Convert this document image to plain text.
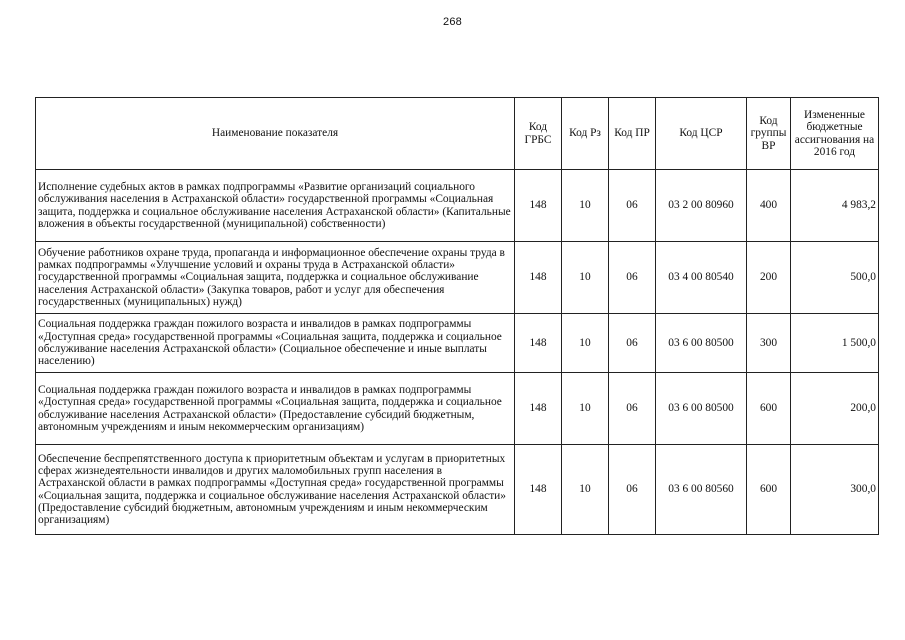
268
Наименование показателя	Код ГРБС	Код Рз	Код ПР	Код ЦСР	Код группы ВР	Измененные бюджетные ассигнования на 2016 год
Исполнение судебных актов в рамках подпрограммы «Развитие организаций социального обслуживания населения в Астраханской области» государственной программы «Социальная защита, поддержка и социальное обслуживание населения Астраханской области» (Капитальные вложения в объекты государственной (муниципальной) собственности)	148	10	06	03 2 00 80960	400	4 983,2
Обучение работников охране труда, пропаганда и информационное обеспечение охраны труда в рамках подпрограммы «Улучшение условий и охраны труда в Астраханской области» государственной программы «Социальная защита, поддержка и социальное обслуживание населения Астраханской области» (Закупка товаров, работ и услуг для обеспечения государственных (муниципальных) нужд)	148	10	06	03 4 00 80540	200	500,0
Социальная поддержка граждан пожилого возраста и инвалидов в рамках подпрограммы «Доступная среда» государственной программы «Социальная защита, поддержка и социальное обслуживание населения Астраханской области» (Социальное обеспечение и иные выплаты населению)	148	10	06	03 6 00 80500	300	1 500,0
Социальная поддержка граждан пожилого возраста и инвалидов в рамках подпрограммы «Доступная среда» государственной программы «Социальная защита, поддержка и социальное обслуживание населения Астраханской области» (Предоставление субсидий бюджетным, автономным учреждениям и иным некоммерческим организациям)	148	10	06	03 6 00 80500	600	200,0
Обеспечение беспрепятственного доступа к приоритетным объектам и услугам в приоритетных сферах жизнедеятельности инвалидов и других маломобильных групп населения в Астраханской области в рамках подпрограммы «Доступная среда» государственной программы «Социальная защита, поддержка и социальное обслуживание населения Астраханской области» (Предоставление субсидий бюджетным, автономным учреждениям и иным некоммерческим организациям)	148	10	06	03 6 00 80560	600	300,0
